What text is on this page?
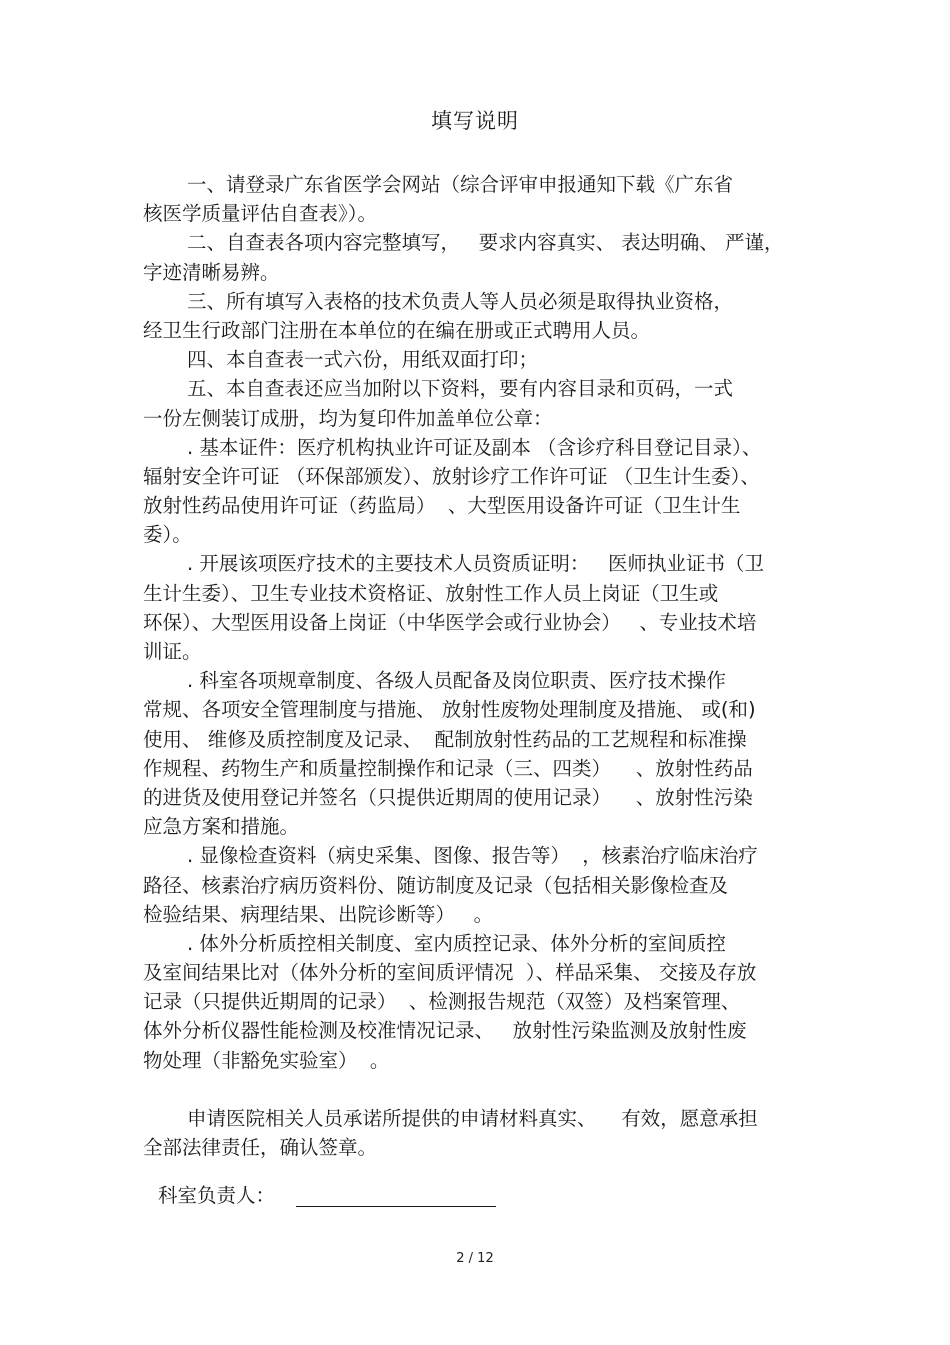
填写说明
一、请登录广东省医学会网站（综合评审申报通知下载《广东省
核医学质量评估自查表》）。
二、自查表各项内容完整填写，   要求内容真实、 表达明确、 严谨，
字迹清晰易辨。
三、所有填写入表格的技术负责人等人员必须是取得执业资格，
经卫生行政部门注册在本单位的在编在册或正式聘用人员。
四、本自查表一式六份，用纸双面打印；
五、本自查表还应当加附以下资料，要有内容目录和页码，一式
一份左侧装订成册，均为复印件加盖单位公章：
. 基本证件：医疗机构执业许可证及副本 （含诊疗科目登记目录）、
辐射安全许可证 （环保部颁发）、放射诊疗工作许可证 （卫生计生委）、
放射性药品使用许可证（药监局）  、大型医用设备许可证（卫生计生
委）。
. 开展该项医疗技术的主要技术人员资质证明：   医师执业证书（卫
生计生委）、卫生专业技术资格证、放射性工作人员上岗证（卫生或
环保）、大型医用设备上岗证（中华医学会或行业协会）   、专业技术培
训证。
. 科室各项规章制度、各级人员配备及岗位职责、医疗技术操作
常规、各项安全管理制度与措施、 放射性废物处理制度及措施、 或(和)
使用、 维修及质控制度及记录、  配制放射性药品的工艺规程和标准操
作规程、药物生产和质量控制操作和记录（三、四类）    、放射性药品
的进货及使用登记并签名（只提供近期周的使用记录）    、放射性污染
应急方案和措施。
. 显像检查资料（病史采集、图像、报告等）  ，核素治疗临床治疗
路径、核素治疗病历资料份、随访制度及记录（包括相关影像检查及
检验结果、病理结果、出院诊断等）   。
. 体外分析质控相关制度、室内质控记录、体外分析的室间质控
及室间结果比对（体外分析的室间质评情况  ）、样品采集、 交接及存放
记录（只提供近期周的记录）  、检测报告规范（双签）及档案管理、
体外分析仪器性能检测及校准情况记录、   放射性污染监测及放射性废
物处理（非豁免实验室）  。
申请医院相关人员承诺所提供的申请材料真实、    有效，愿意承担
全部法律责任，确认签章。
科室负责人：
2 / 12
